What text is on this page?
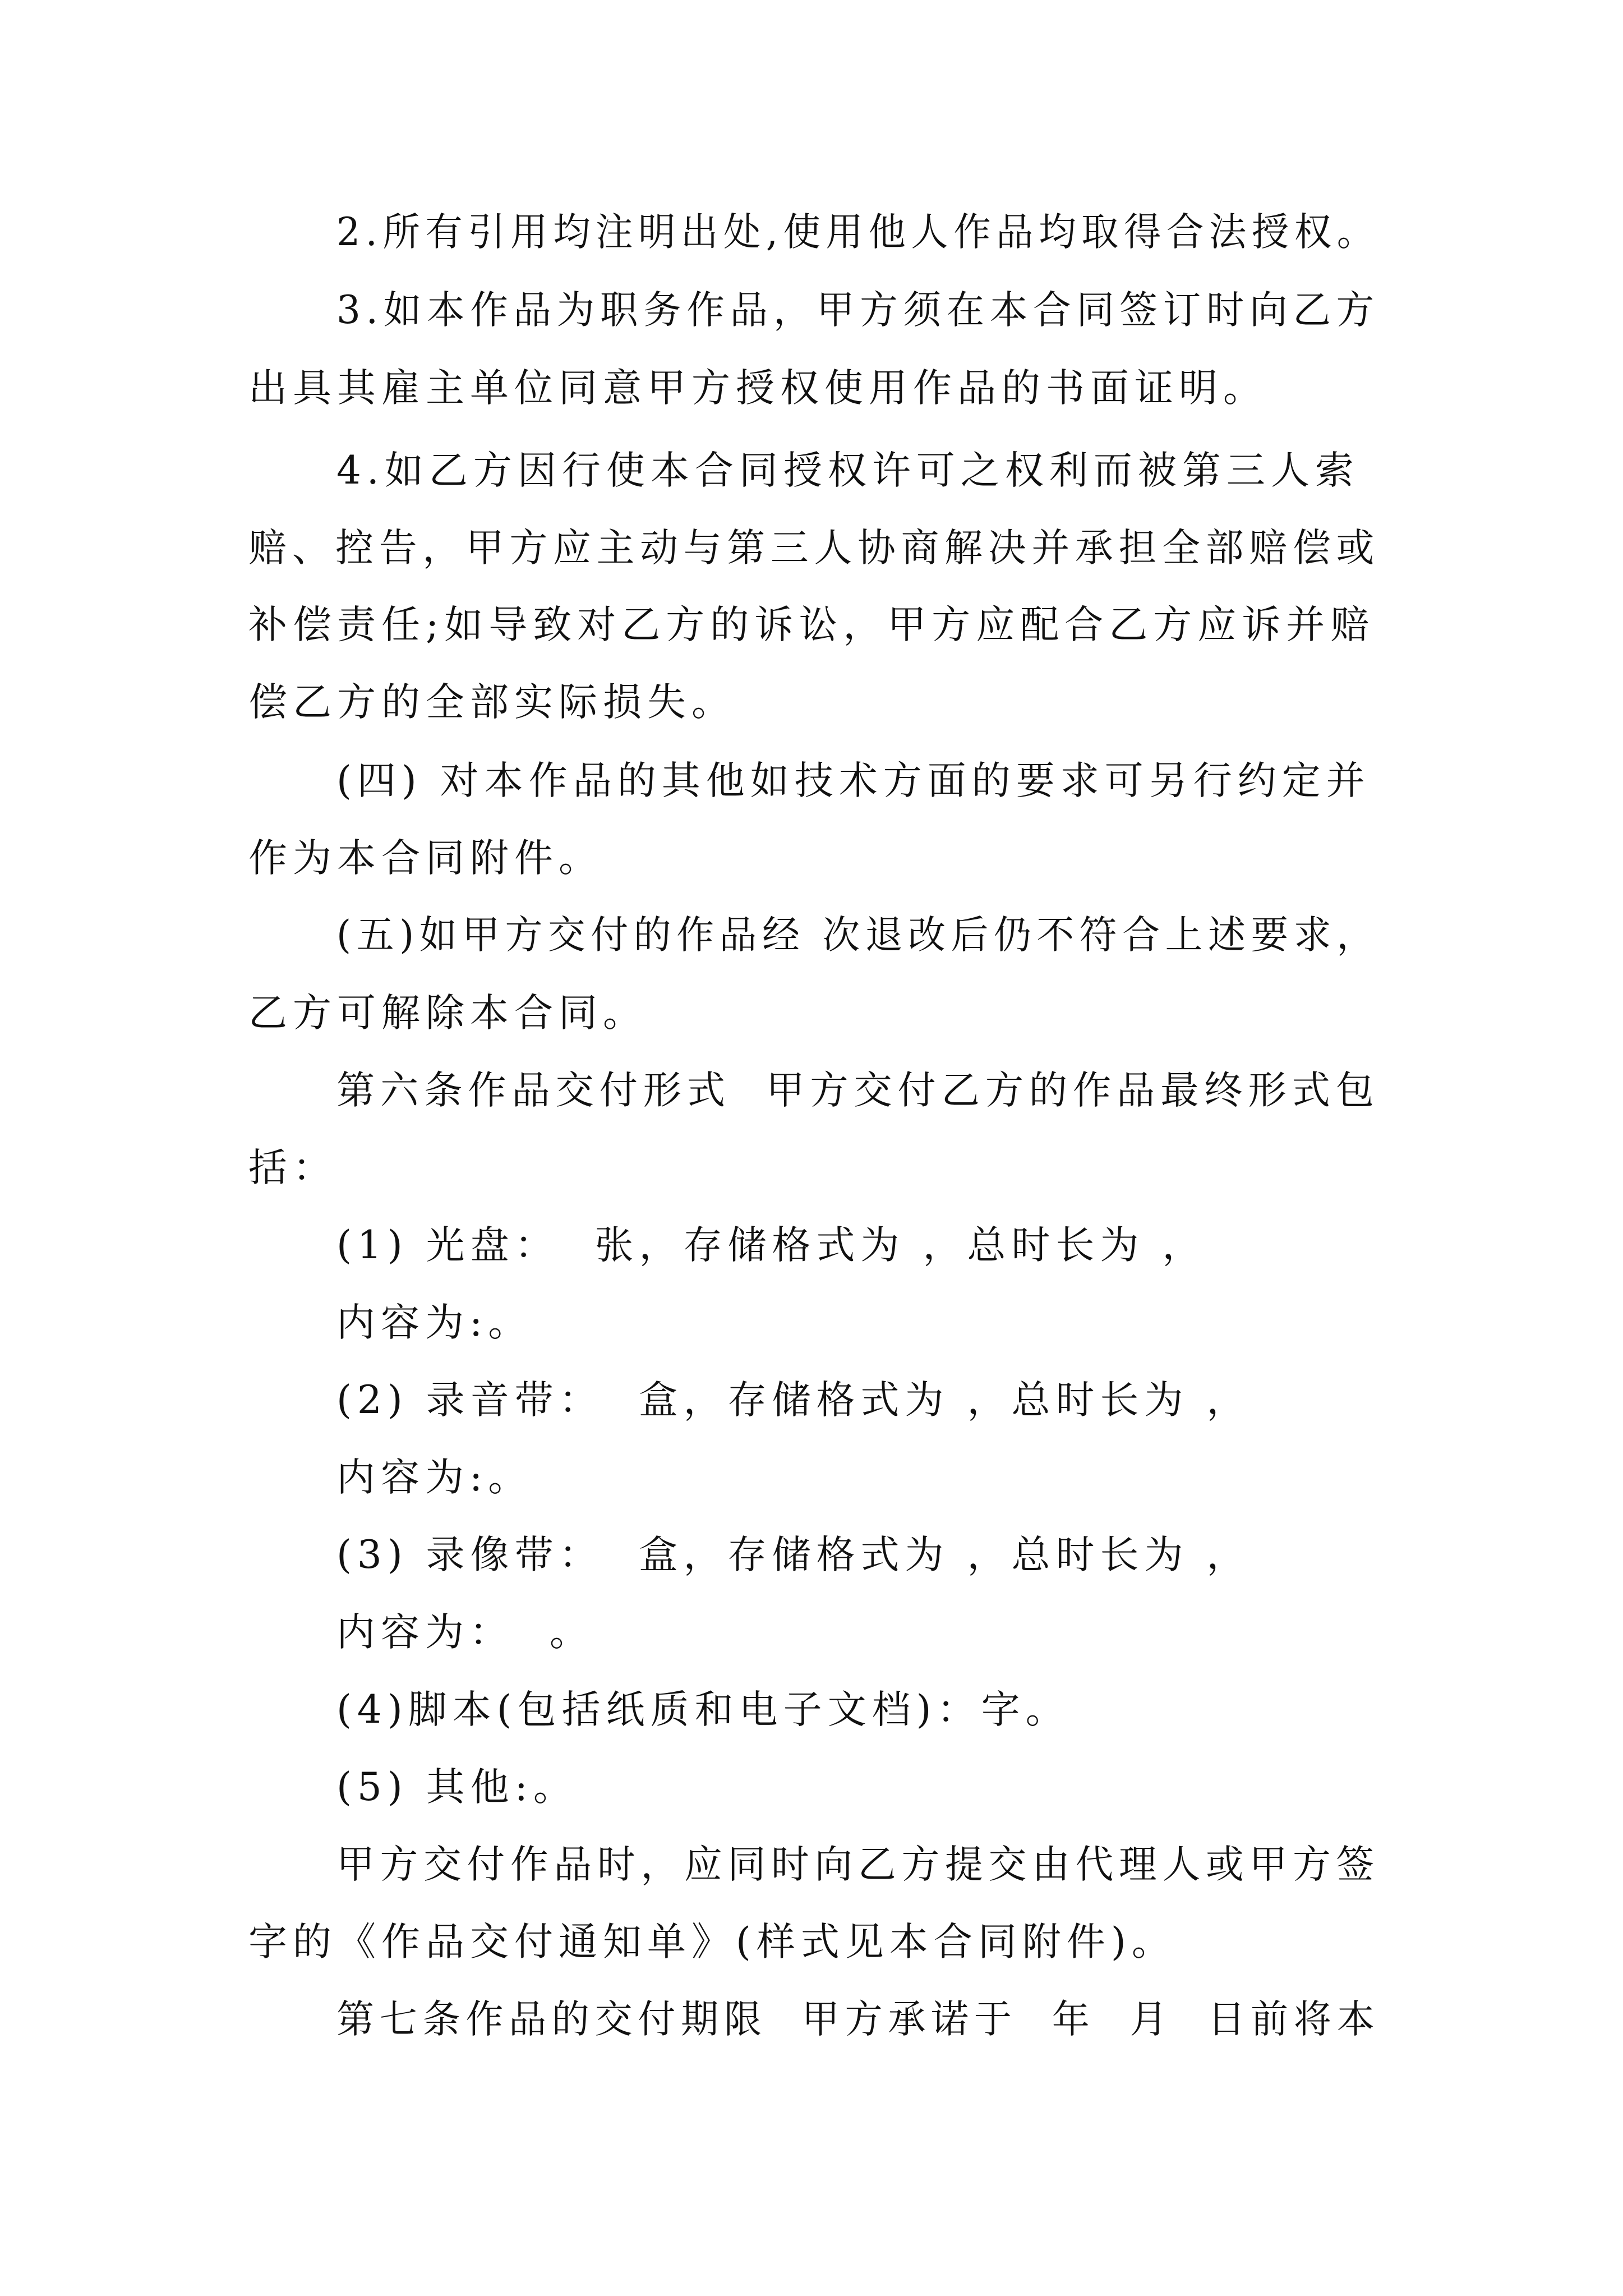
2.所有引用均注明出处,使用他人作品均取得合法授权。

3.如本作品为职务作品，甲方须在本合同签订时向乙方

出具其雇主单位同意甲方授权使用作品的书面证明。

4.如乙方因行使本合同授权许可之权利而被第三人索

赔、控告，甲方应主动与第三人协商解决并承担全部赔偿或

补偿责任;如导致对乙方的诉讼，甲方应配合乙方应诉并赔

偿乙方的全部实际损失。

(四) 对本作品的其他如技术方面的要求可另行约定并

作为本合同附件。

(五)如甲方交付的作品经 次退改后仍不符合上述要求，

乙方可解除本合同。

第六条作品交付形式  甲方交付乙方的作品最终形式包

括：

(1) 光盘：  张，存储格式为 ，总时长为 ，

内容为:。

(2) 录音带：  盒，存储格式为 ，总时长为 ，

内容为:。

(3) 录像带：  盒，存储格式为 ，总时长为 ，

内容为：  。

(4)脚本(包括纸质和电子文档)：字。

(5) 其他:。

甲方交付作品时，应同时向乙方提交由代理人或甲方签

字的《作品交付通知单》(样式见本合同附件)。

第七条作品的交付期限  甲方承诺于  年  月  日前将本
